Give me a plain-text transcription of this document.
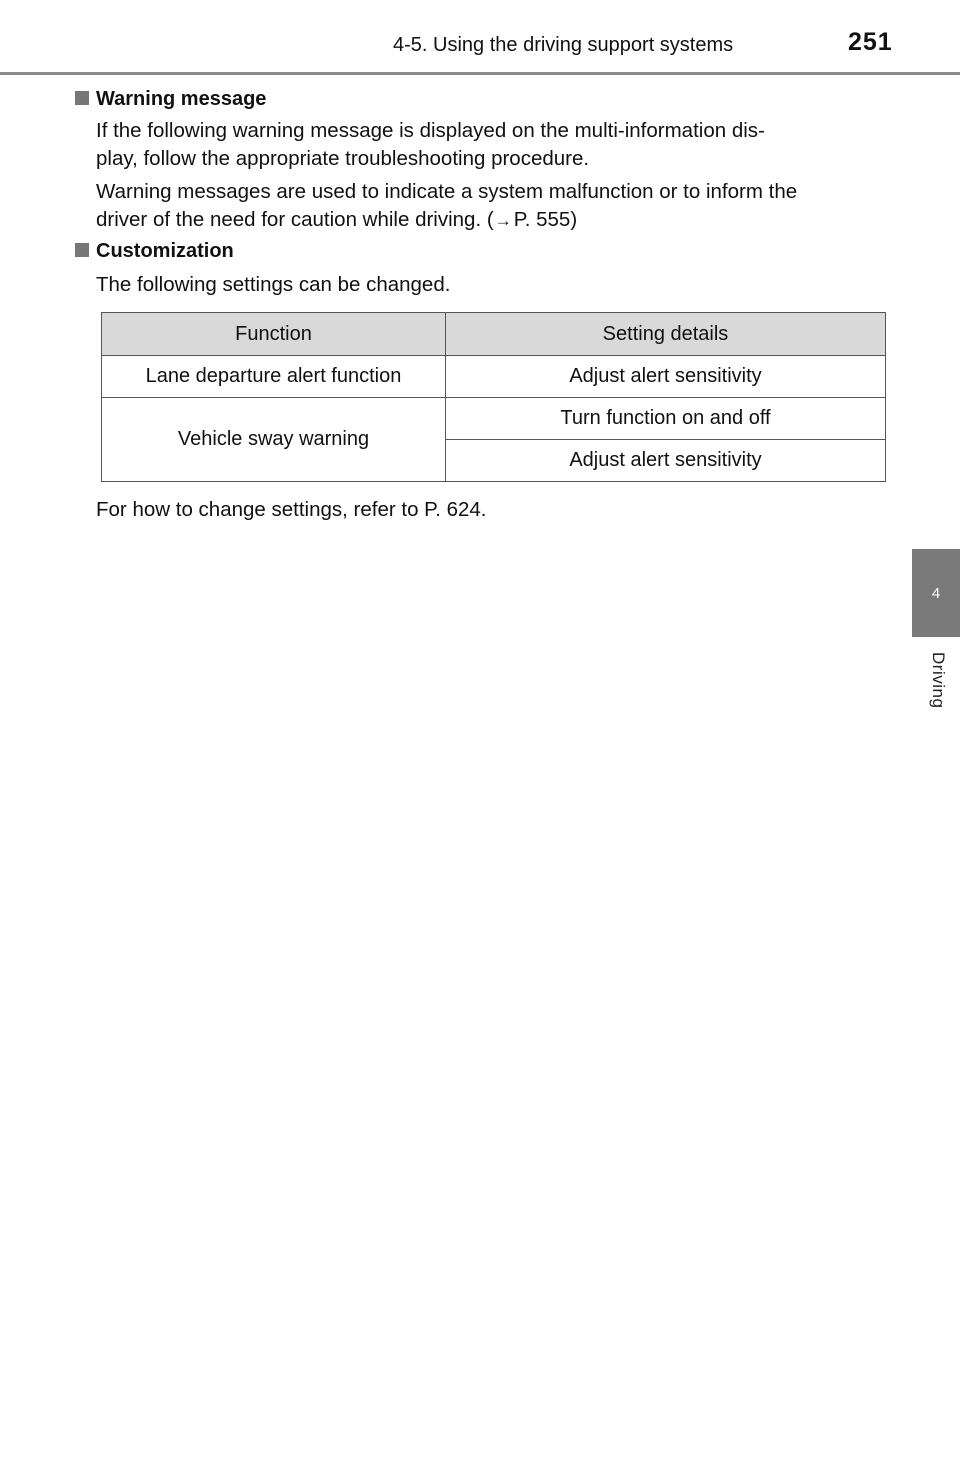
4-5. Using the driving support systems	251
4
Driving
Warning message
If the following warning message is displayed on the multi-information dis-
play, follow the appropriate troubleshooting procedure.
Warning messages are used to indicate a system malfunction or to inform the
driver of the need for caution while driving. (→P. 555)
Customization
The following settings can be changed.
Function	Setting details
Lane departure alert function	Adjust alert sensitivity
Vehicle sway warning	Turn function on and off
	Adjust alert sensitivity
For how to change settings, refer to P. 624.
